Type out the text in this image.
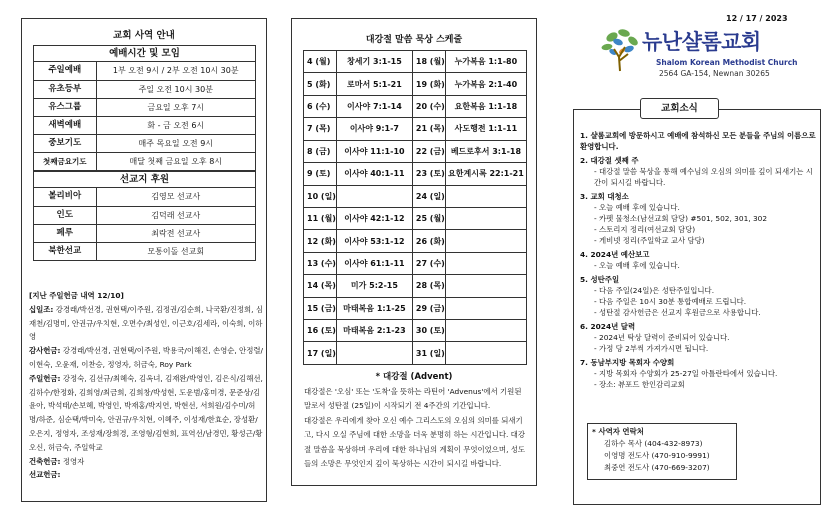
교회 사역 안내
예배시간 및 모임
주일예배	1부 오전 9시 / 2부 오전 10시 30분
유초등부	주일 오전 10시 30분
유스그룹	금요일 오후 7시
새벽예배	화 - 금 오전 6시
중보기도	매주 목요일 오전 9시
첫째금요기도	매달 첫째 금요일 오후 8시
선교지 후원
볼리비아	김영모 선교사
인도	김덕래 선교사
페루	최락전 선교사
북한선교	모통이돌 선교회

[지난 주일헌금 내역 12/10]

십일조: 강경래/박선경, 권현택/이주원, 김정권/김순희, 나국환/진정희, 심재천/김명미, 안권규/우치현, 오면수/최성인, 이근호/김세라, 이숙희, 이하영

감사헌금: 강경래/박선경, 권현택/이주원, 박용국/이해진, 손영순, 안정렬/이현숙, 오윤재, 이찬승, 정영자, 허금숙, Roy Park

주일헌금: 강정숙, 김선규/최혜숙, 김옥녀, 김재완/박영인, 김은식/김해선, 김하수/한정화, 김희영/최금희, 김희창/박성현, 도운범/홍미경, 문준상/김윤아, 박석태/손보혜, 박영인, 박재홍/박지연, 박현선, 서희원/김수미/허명/하준, 심순택/박미숙, 안권규/우치현, 이혜주, 이성재/한효순, 장성환/오은지, 정영자, 조성재/장희경, 조영형/김현희, 표역선/남경민, 황성근/황오신, 허금숙, 주일학교

건축헌금: 정영자

선교헌금:

대강절 말씀 묵상 스케줄
4 (월)	창세기 3:1-15	18 (월)	누가복음 1:1-80
5 (화)	로마서 5:1-21	19 (화)	누가복음 2:1-40
6 (수)	이사야 7:1-14	20 (수)	요한복음 1:1-18
7 (목)	이사야 9:1-7	21 (목)	사도행전 1:1-11
8 (금)	이사야 11:1-10	22 (금)	베드로후서 3:1-18
9 (토)	이사야 40:1-11	23 (토)	요한계시록 22:1-21
10 (일)		24 (일)	
11 (월)	이사야 42:1-12	25 (월)	
12 (화)	이사야 53:1-12	26 (화)	
13 (수)	이사야 61:1-11	27 (수)	
14 (목)	미가 5:2-15	28 (목)	
15 (금)	마태복음 1:1-25	29 (금)	
16 (토)	마태복음 2:1-23	30 (토)	
17 (일)		31 (일)	
* 대강절 (Advent)

대강절은 '오심' 또는 '도착'을 뜻하는 라틴어 'Advenus'에서 기원된 말로서 성탄절 (25일)이 시작되기 전 4주간의 기간입니다.

대강절은 우리에게 찾아 오신 예수 그리스도의 오심의 의미를 되새기고, 다시 오실 주님에 대한 소망을 더욱 분명히 하는 시간입니다. 대강절 말씀을 묵상하며 우리에 대한 하나님의 계획이 무엇이었으며, 성도들의 소망은 무엇인지 깊이 묵상하는 시간이 되시길 바랍니다.

12 / 17 / 2023
뉴난샬롬교회
Shalom Korean Methodist Church
2564 GA-154, Newnan 30265
1. 샬롬교회에 방문하시고 예배에 참석하신 모든 분들을 주님의 이름으로 환영합니다.
2. 대강절 셋째 주
- 대강절 말씀 묵상을 통해 예수님의 오심의 의미를 깊이 되새기는 시간이 되시길 바랍니다.
3. 교회 대청소
- 오늘 예배 후에 있습니다.
- 카펫 물청소(남선교회 담당) #501, 502, 301, 302
- 스토리지 정리(여선교회 담당)
- 게비넷 정리(주일학교 교사 담당)
4. 2024년 예산보고
- 오늘 예배 후에 있습니다.
5. 성탄주일
- 다음 주일(24일)은 성탄주일입니다.
- 다음 주일은 10시 30분 통합예배로 드립니다.
- 성탄절 감사헌금은 선교지 후원금으로 사용합니다.
6. 2024년 달력
- 2024년 탁상 달력이 준비되어 있습니다.
- 가정 당 2부씩 가져가시면 됩니다.
7. 동남부지방 목회자 수양회
- 지방 목회자 수양회가 25-27일 아틀란타에서 있습니다.
- 장소: 뷰포드 한인감리교회
* 사역자 연락처
김하수 목사 (404-432-8973)
이영명 전도사 (470-910-9991)
최중연 전도사 (470-669-3207)
교회소식
